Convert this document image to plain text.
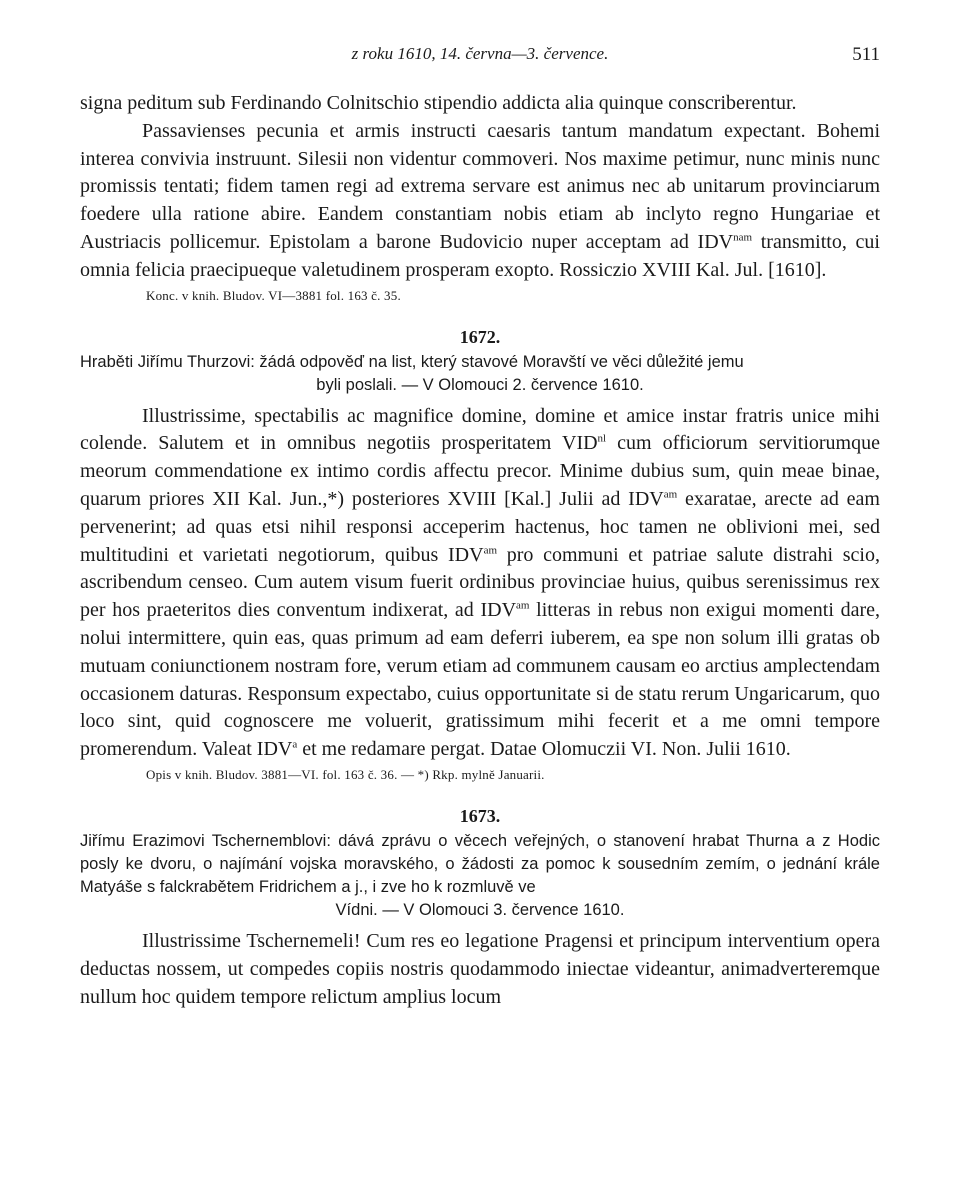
z roku 1610, 14. června—3. července.	511

signa peditum sub Ferdinando Colnitschio stipendio addicta alia quinque conscriberentur.

Passavienses pecunia et armis instructi caesaris tantum mandatum expectant. Bohemi interea convivia instruunt. Silesii non videntur commoveri. Nos maxime petimur, nunc minis nunc promissis tentati; fidem tamen regi ad extrema servare est animus nec ab unitarum provinciarum foedere ulla ratione abire. Eandem constantiam nobis etiam ab inclyto regno Hungariae et Austriacis pollicemur. Epistolam a barone Budovicio nuper acceptam ad $IDV^{nam}$ transmitto, cui omnia felicia praecipueque valetudinem prosperam exopto. Rossiczio XVIII Kal. Jul. [1610].

Konc. v knih. Bludov. VI—3881 fol. 163 č. 35.
1672.

Hraběti Jiřímu Thurzovi: žádá odpověď na list, který stavové Moravští ve věci důležité jemu
byli poslali. — V Olomouci 2. července 1610.

Illustrissime, spectabilis ac magnifice domine, domine et amice instar fratris unice mihi colende. Salutem et in omnibus negotiis prosperitatem $VID^{nl}$ cum officiorum servitiorumque meorum commendatione ex intimo cordis affectu precor. Minime dubius sum, quin meae binae, quarum priores XII Kal. Jun.,*) posteriores XVIII [Kal.] Julii ad $IDV^{am}$ exaratae, arecte ad eam pervenerint; ad quas etsi nihil responsi acceperim hactenus, hoc tamen ne oblivioni mei, sed multitudini et varietati negotiorum, quibus $IDV^{am}$ pro communi et patriae salute distrahi scio, ascribendum censeo. Cum autem visum fuerit ordinibus provinciae huius, quibus serenissimus rex per hos praeteritos dies conventum indixerat, ad $IDV^{am}$ litteras in rebus non exigui momenti dare, nolui intermittere, quin eas, quas primum ad eam deferri iuberem, ea spe non solum illi gratas ob mutuam coniunctionem nostram fore, verum etiam ad communem causam eo arctius amplectendam occasionem daturas. Responsum expectabo, cuius opportunitate si de statu rerum Ungaricarum, quo loco sint, quid cognoscere me voluerit, gratissimum mihi fecerit et a me omni tempore promerendum. Valeat IDV$^a$ et me redamare pergat. Datae Olomuczii VI. Non. Julii 1610.

Opis v knih. Bludov. 3881—VI. fol. 163 č. 36. — *) Rkp. mylně Januarii.
1673.

Jiřímu Erazimovi Tschernemblovi: dává zprávu o věcech veřejných, o stanovení hrabat Thurna a z Hodic posly ke dvoru, o najímání vojska moravského, o žádosti za pomoc k sousedním zemím, o jednání krále Matyáše s falckrabětem Fridrichem a j., i zve ho k rozmluvě ve
Vídni. — V Olomouci 3. července 1610.

Illustrissime Tschernemeli! Cum res eo legatione Pragensi et principum interventium opera deductas nossem, ut compedes copiis nostris quodammodo iniectae videantur, animadverteremque nullum hoc quidem tempore relictum amplius locum
